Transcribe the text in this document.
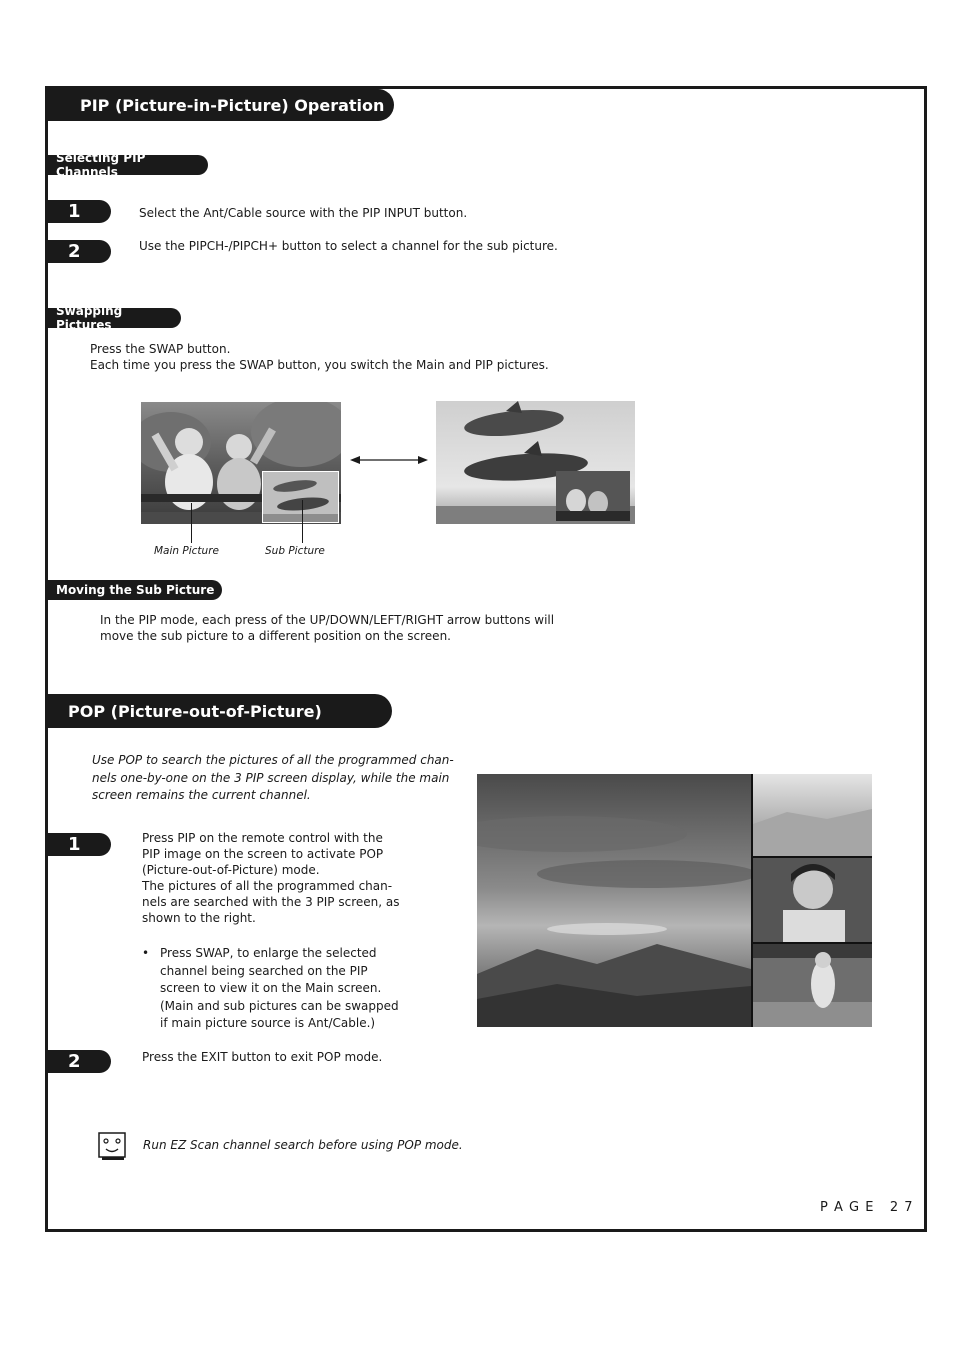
PIP (Picture-in-Picture) Operation
Selecting PIP Channels
1	Select the Ant/Cable source with the PIP INPUT button.
2	Use the PIPCH-/PIPCH+ button to select a channel for the sub picture.
Swapping Pictures
Press the SWAP button.
Each time you press the SWAP button, you switch the Main and PIP pictures.
Main Picture	Sub Picture
Moving the Sub Picture
In the PIP mode, each press of the UP/DOWN/LEFT/RIGHT arrow buttons will
move the sub picture to a different position on the screen.
POP (Picture-out-of-Picture)
Use POP to search the pictures of all the programmed chan-
nels one-by-one on the 3 PIP screen display, while the main
screen remains the current channel.
1	Press PIP on the remote control with the
PIP image on the screen to activate POP
(Picture-out-of-Picture) mode.
The pictures of all the programmed chan-
nels are searched with the 3 PIP screen, as
shown to the right.
• Press SWAP, to enlarge the selected
channel being searched on the PIP
screen to view it on the Main screen.
(Main and sub pictures can be swapped
if main picture source is Ant/Cable.)
2	Press the EXIT button to exit POP mode.
Run EZ Scan channel search before using POP mode.
P A G E   2 7
